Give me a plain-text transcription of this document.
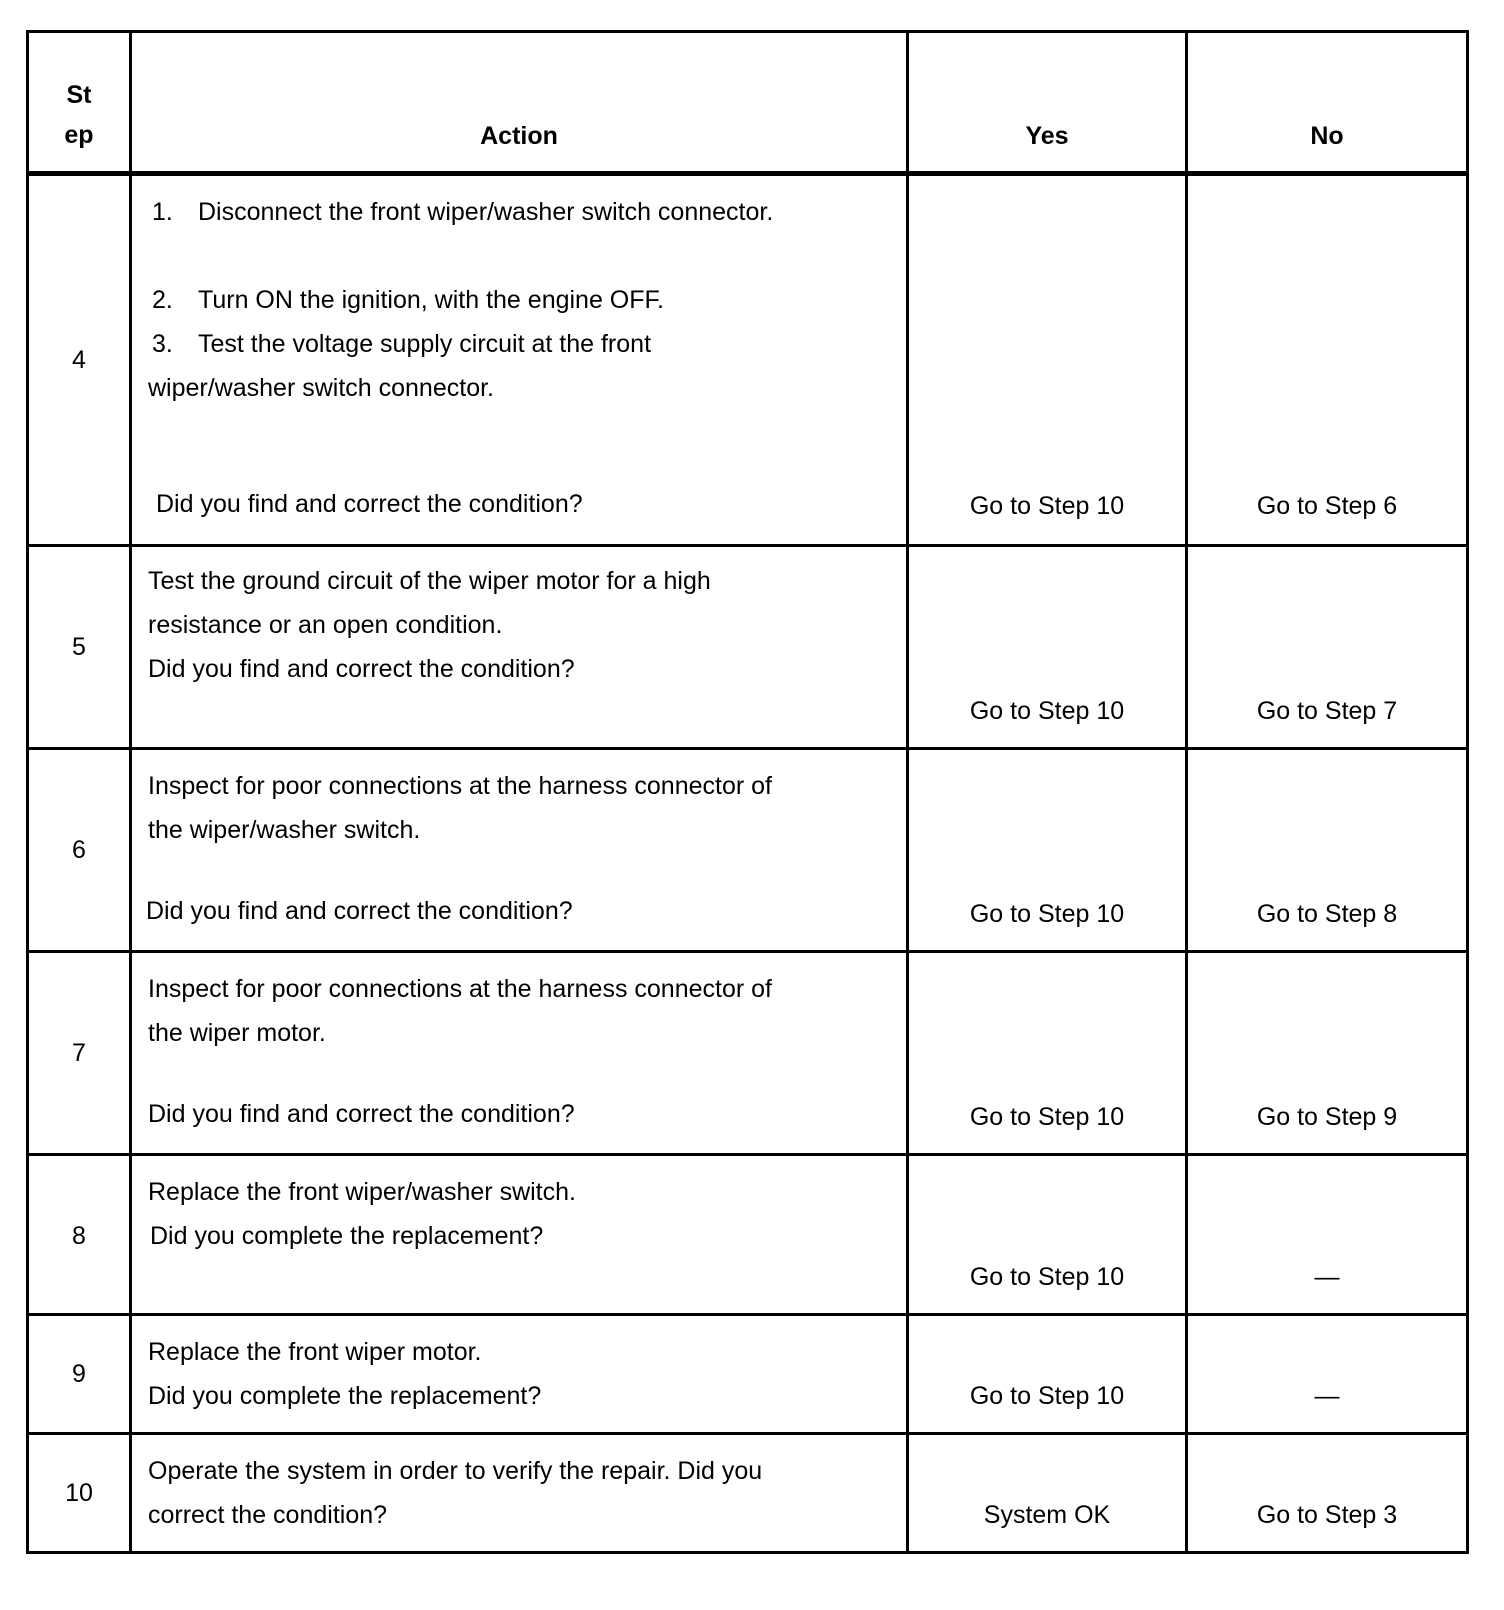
St
ep	Action	Yes	No

4	1. Disconnect the front wiper/washer switch connector.
2. Turn ON the ignition, with the engine OFF.
3. Test the voltage supply circuit at the front
wiper/washer switch connector.
Did you find and correct the condition?	Go to Step 10	Go to Step 6

5	Test the ground circuit of the wiper motor for a high
resistance or an open condition.
Did you find and correct the condition?	Go to Step 10	Go to Step 7

6	Inspect for poor connections at the harness connector of
the wiper/washer switch.
Did you find and correct the condition?	Go to Step 10	Go to Step 8

7	Inspect for poor connections at the harness connector of
the wiper motor.
Did you find and correct the condition?	Go to Step 10	Go to Step 9

8	Replace the front wiper/washer switch.
Did you complete the replacement?	Go to Step 10	—

9	Replace the front wiper motor.
Did you complete the replacement?	Go to Step 10	—

10	Operate the system in order to verify the repair. Did you
correct the condition?	System OK	Go to Step 3
